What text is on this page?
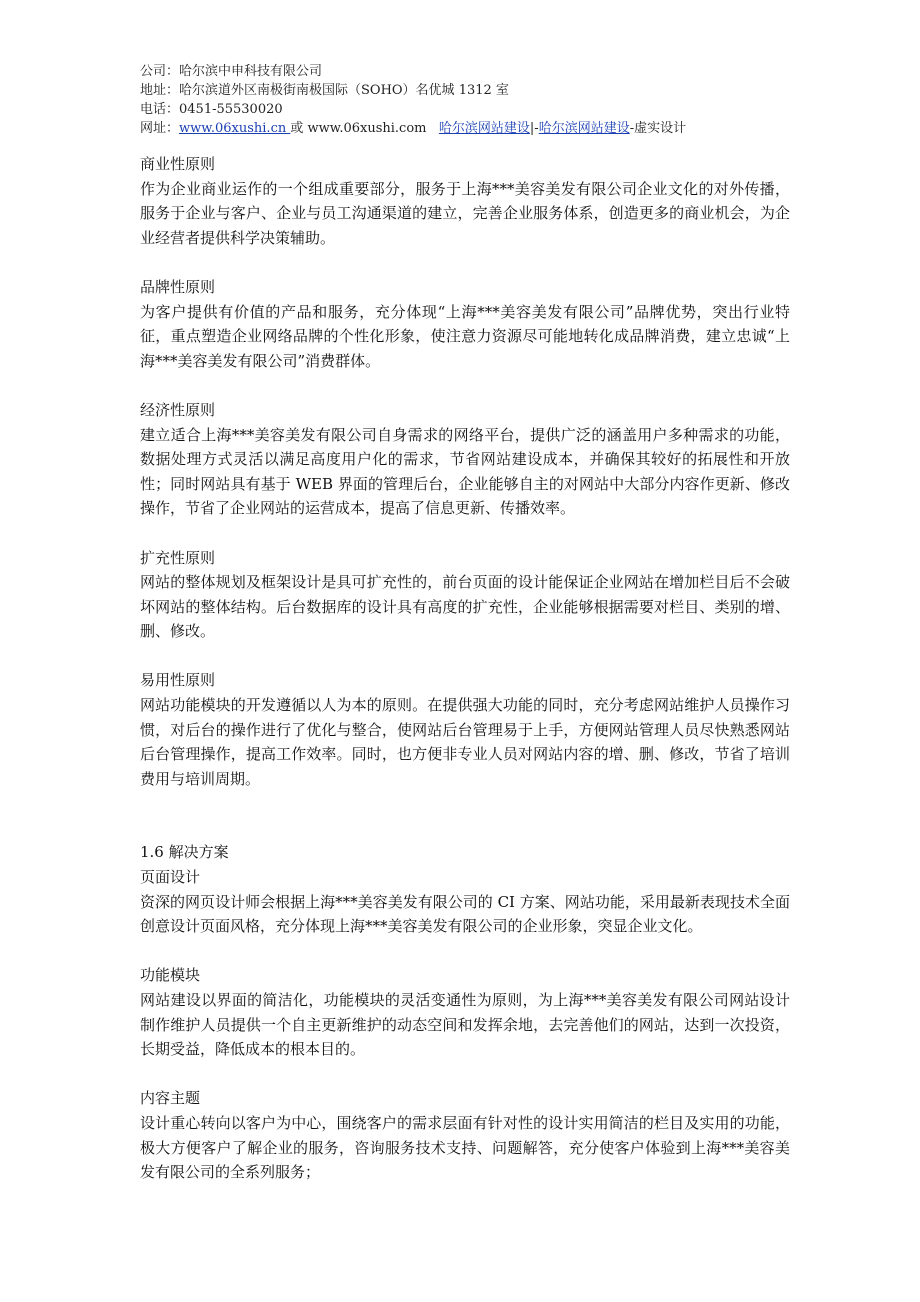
公司：哈尔滨中申科技有限公司
地址：哈尔滨道外区南极街南极国际（SOHO）名优城 1312 室
电话：0451-55530020
网址：www.06xushi.cn 或 www.06xushi.com   哈尔滨网站建设|-哈尔滨网站建设-虚实设计
商业性原则
作为企业商业运作的一个组成重要部分，服务于上海***美容美发有限公司企业文化的对外传播，服务于企业与客户、企业与员工沟通渠道的建立，完善企业服务体系，创造更多的商业机会，为企业经营者提供科学决策辅助。
品牌性原则
为客户提供有价值的产品和服务，充分体现“上海***美容美发有限公司”品牌优势，突出行业特征，重点塑造企业网络品牌的个性化形象，使注意力资源尽可能地转化成品牌消费，建立忠诚“上海***美容美发有限公司”消费群体。
经济性原则
建立适合上海***美容美发有限公司自身需求的网络平台，提供广泛的涵盖用户多种需求的功能，数据处理方式灵活以满足高度用户化的需求，节省网站建设成本，并确保其较好的拓展性和开放性；同时网站具有基于 WEB 界面的管理后台，企业能够自主的对网站中大部分内容作更新、修改操作，节省了企业网站的运营成本，提高了信息更新、传播效率。
扩充性原则
网站的整体规划及框架设计是具可扩充性的，前台页面的设计能保证企业网站在增加栏目后不会破坏网站的整体结构。后台数据库的设计具有高度的扩充性，企业能够根据需要对栏目、类别的增、删、修改。
易用性原则
网站功能模块的开发遵循以人为本的原则。在提供强大功能的同时，充分考虑网站维护人员操作习惯，对后台的操作进行了优化与整合，使网站后台管理易于上手，方便网站管理人员尽快熟悉网站后台管理操作，提高工作效率。同时，也方便非专业人员对网站内容的增、删、修改，节省了培训费用与培训周期。
1.6 解决方案
页面设计
资深的网页设计师会根据上海***美容美发有限公司的 CI 方案、网站功能，采用最新表现技术全面创意设计页面风格，充分体现上海***美容美发有限公司的企业形象，突显企业文化。
功能模块
网站建设以界面的简洁化，功能模块的灵活变通性为原则，为上海***美容美发有限公司网站设计制作维护人员提供一个自主更新维护的动态空间和发挥余地，去完善他们的网站，达到一次投资，长期受益，降低成本的根本目的。
内容主题
设计重心转向以客户为中心，围绕客户的需求层面有针对性的设计实用简洁的栏目及实用的功能，极大方便客户了解企业的服务，咨询服务技术支持、问题解答，充分使客户体验到上海***美容美发有限公司的全系列服务；
